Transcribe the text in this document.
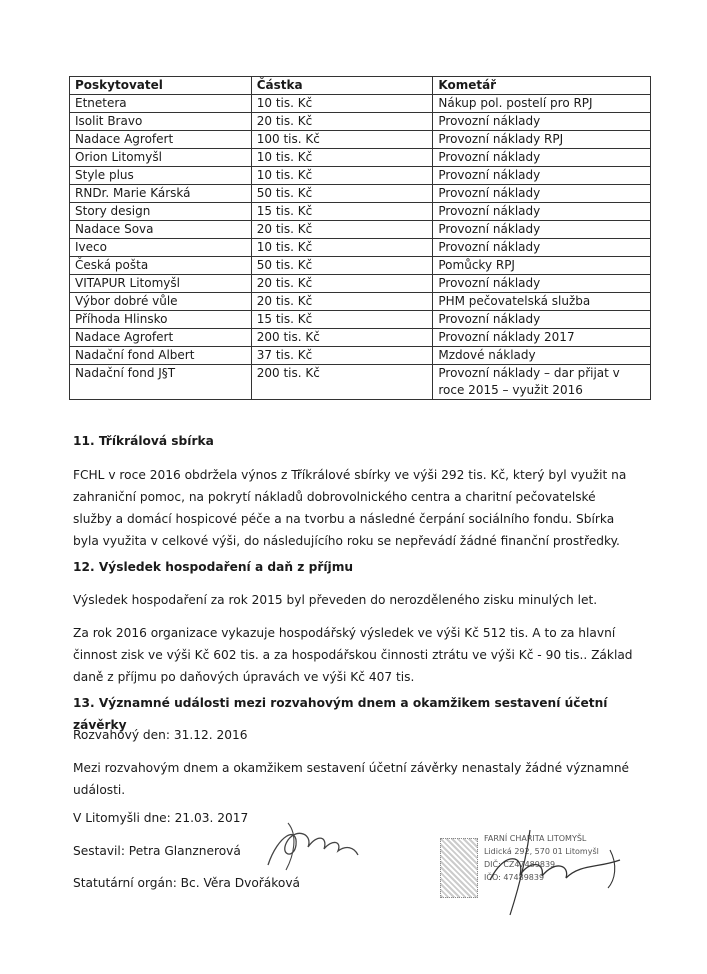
Poskytovatel	Částka	Kometář
Etnetera	10 tis. Kč	Nákup pol. postelí pro RPJ
Isolit Bravo	20 tis. Kč	Provozní náklady
Nadace Agrofert	100 tis. Kč	Provozní náklady RPJ
Orion Litomyšl	10 tis. Kč	Provozní náklady
Style plus	10 tis. Kč	Provozní náklady
RNDr. Marie Kárská	50 tis. Kč	Provozní náklady
Story design	15 tis. Kč	Provozní náklady
Nadace Sova	20 tis. Kč	Provozní náklady
Iveco	10 tis. Kč	Provozní náklady
Česká pošta	50 tis. Kč	Pomůcky RPJ
VITAPUR Litomyšl	20 tis. Kč	Provozní náklady
Výbor dobré vůle	20 tis. Kč	PHM pečovatelská služba
Příhoda Hlinsko	15 tis. Kč	Provozní náklady
Nadace Agrofert	200 tis. Kč	Provozní náklady 2017
Nadační fond Albert	37 tis. Kč	Mzdové náklady
Nadační fond J§T	200 tis. Kč	Provozní náklady – dar přijat v roce 2015 – využit 2016

11. Tříkrálová sbírka

FCHL v roce 2016 obdržela výnos z Tříkrálové sbírky ve výši 292 tis. Kč, který byl využit na zahraniční pomoc, na pokrytí nákladů dobrovolnického centra a charitní pečovatelské služby a domácí hospicové péče a na tvorbu a následné čerpání sociálního fondu. Sbírka byla využita v celkové výši, do následujícího roku se nepřevádí žádné finanční prostředky.

12. Výsledek hospodaření a daň z příjmu

Výsledek hospodaření za rok 2015 byl převeden do nerozděleného zisku minulých let.

Za rok 2016 organizace vykazuje hospodářský výsledek ve výši Kč 512 tis. A to za hlavní činnost zisk ve výši Kč 602 tis. a za hospodářskou činnosti ztrátu ve výši Kč - 90 tis.. Základ daně z příjmu po daňových úpravách ve výši Kč 407 tis.

13. Významné události mezi rozvahovým dnem a okamžikem sestavení účetní závěrky

Rozvahový den: 31.12. 2016

Mezi rozvahovým dnem a okamžikem sestavení účetní závěrky nenastaly žádné významné události.

V Litomyšli dne: 21.03. 2017

Sestavil: Petra Glanznerová

Statutární orgán: Bc. Věra Dvořáková

FARNÍ CHARITA LITOMYŠL
Lidická 292, 570 01 Litomyšl
DIČ: CZ47489839
IČO: 47489839
